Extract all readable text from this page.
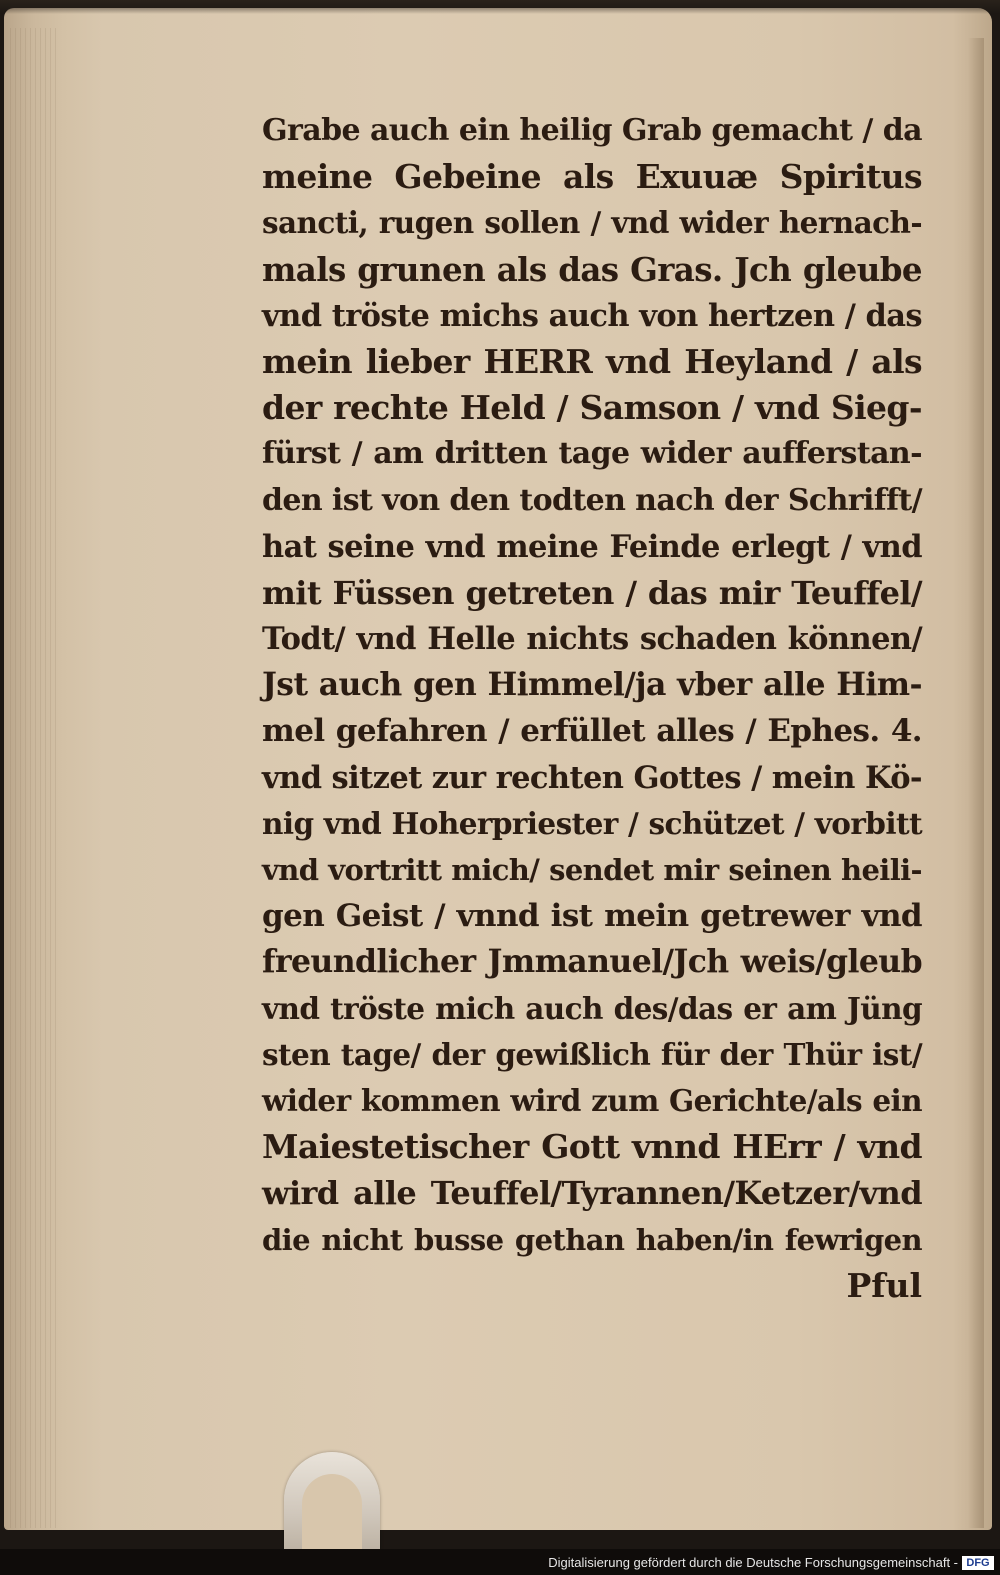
Grabe auch ein heilig Grab gemacht / da
meine Gebeine als Exuuæ Spiritus
sancti, rugen sollen / vnd wider hernach-
mals grunen als das Gras. Jch gleube
vnd tröste michs auch von hertzen / das
mein lieber HERR vnd Heyland / als
der rechte Held / Samson / vnd Sieg-
fürst / am dritten tage wider aufferstan-
den ist von den todten nach der Schrifft/
hat seine vnd meine Feinde erlegt / vnd
mit Füssen getreten / das mir Teuffel/
Todt/ vnd Helle nichts schaden können/
Jst auch gen Himmel/ja vber alle Him-
mel gefahren / erfüllet alles / Ephes. 4.
vnd sitzet zur rechten Gottes / mein Kö-
nig vnd Hoherpriester / schützet / vorbitt
vnd vortritt mich/ sendet mir seinen heili-
gen Geist / vnnd ist mein getrewer vnd
freundlicher Jmmanuel/Jch weis/gleub
vnd tröste mich auch des/das er am Jüng
sten tage/ der gewißlich für der Thür ist/
wider kommen wird zum Gerichte/als ein
Maiestetischer Gott vnnd HErr / vnd
wird alle Teuffel/Tyrannen/Ketzer/vnd
die nicht busse gethan haben/in fewrigen
Pful
Digitalisierung gefördert durch die Deutsche Forschungsgemeinschaft - DFG
